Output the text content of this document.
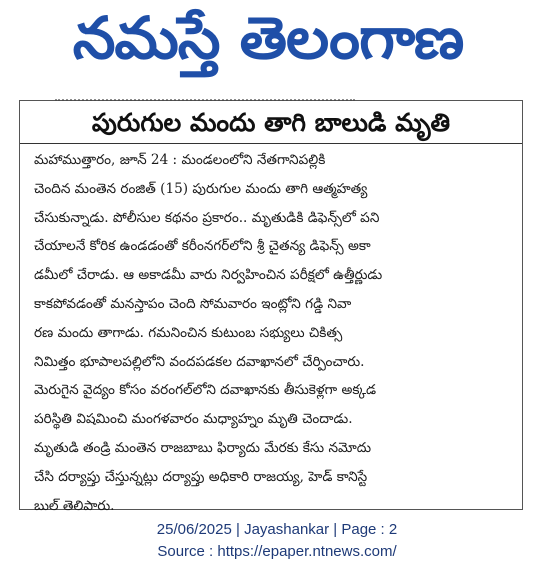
నమస్తే తెలంగాణ
పురుగుల మందు తాగి బాలుడి మృతి
మహాముత్తారం, జూన్ 24 : మండలంలోని నేతగానిపల్లికి
చెందిన మంతెన రంజిత్ (15) పురుగుల మందు తాగి ఆత్మహత్య
చేసుకున్నాడు. పోలీసుల కథనం ప్రకారం.. మృతుడికి డిఫెన్స్‌లో పని
చేయాలనే కోరిక ఉండడంతో కరీంనగర్‌లోని శ్రీ చైతన్య డిఫెన్స్ అకా
డమీలో చేరాడు. ఆ అకాడమీ వారు నిర్వహించిన పరీక్షలో ఉత్తీర్ణుడు
కాకపోవడంతో మనస్తాపం చెంది సోమవారం ఇంట్లోని గడ్డి నివా
రణ మందు తాగాడు. గమనించిన కుటుంబ సభ్యులు చికిత్స
నిమిత్తం భూపాలపల్లిలోని వందపడకల దవాఖానలో చేర్పించారు.
మెరుగైన వైద్యం కోసం వరంగల్‌లోని దవాఖానకు తీసుకెళ్లగా అక్కడ
పరిస్థితి విషమించి మంగళవారం మధ్యాహ్నం మృతి చెందాడు.
మృతుడి తండ్రి మంతెన రాజబాబు ఫిర్యాదు మేరకు కేసు నమోదు
చేసి దర్యాప్తు చేస్తున్నట్లు దర్యాప్తు అధికారి రాజయ్య, హెడ్ కానిస్టే
బుల్ తెలిపారు.
25/06/2025 | Jayashankar | Page : 2
Source : https://epaper.ntnews.com/
